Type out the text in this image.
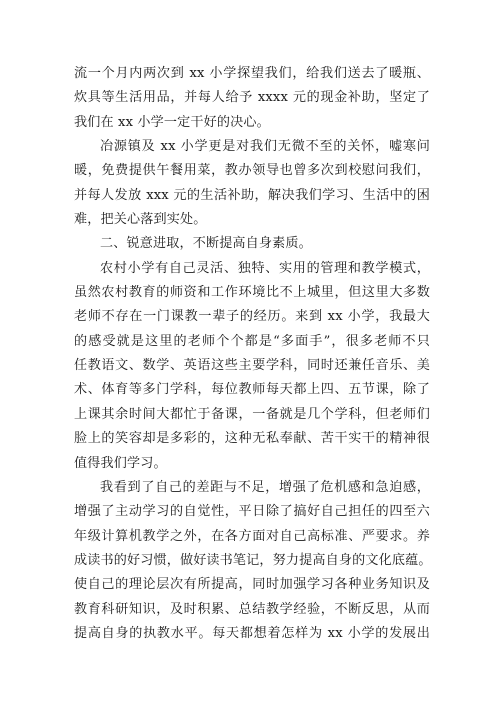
流一个月内两次到 xx 小学探望我们，给我们送去了暖瓶、
炊具等生活用品，并每人给予 xxxx 元的现金补助，坚定了
我们在 xx 小学一定干好的决心。
冶源镇及 xx 小学更是对我们无微不至的关怀，嘘寒问
暖，免费提供午餐用菜，教办领导也曾多次到校慰问我们，
并每人发放 xxx 元的生活补助，解决我们学习、生活中的困
难，把关心落到实处。
二、锐意进取，不断提高自身素质。
农村小学有自己灵活、独特、实用的管理和教学模式，
虽然农村教育的师资和工作环境比不上城里，但这里大多数
老师不存在一门课教一辈子的经历。来到 xx 小学，我最大
的感受就是这里的老师个个都是“多面手”，很多老师不只
任教语文、数学、英语这些主要学科，同时还兼任音乐、美
术、体育等多门学科，每位教师每天都上四、五节课，除了
上课其余时间大都忙于备课，一备就是几个学科，但老师们
脸上的笑容却是多彩的，这种无私奉献、苦干实干的精神很
值得我们学习。
我看到了自己的差距与不足，增强了危机感和急迫感，
增强了主动学习的自觉性，平日除了搞好自己担任的四至六
年级计算机教学之外，在各方面对自己高标准、严要求。养
成读书的好习惯，做好读书笔记，努力提高自身的文化底蕴。
使自己的理论层次有所提高，同时加强学习各种业务知识及
教育科研知识，及时积累、总结教学经验，不断反思，从而
提高自身的执教水平。每天都想着怎样为 xx 小学的发展出
